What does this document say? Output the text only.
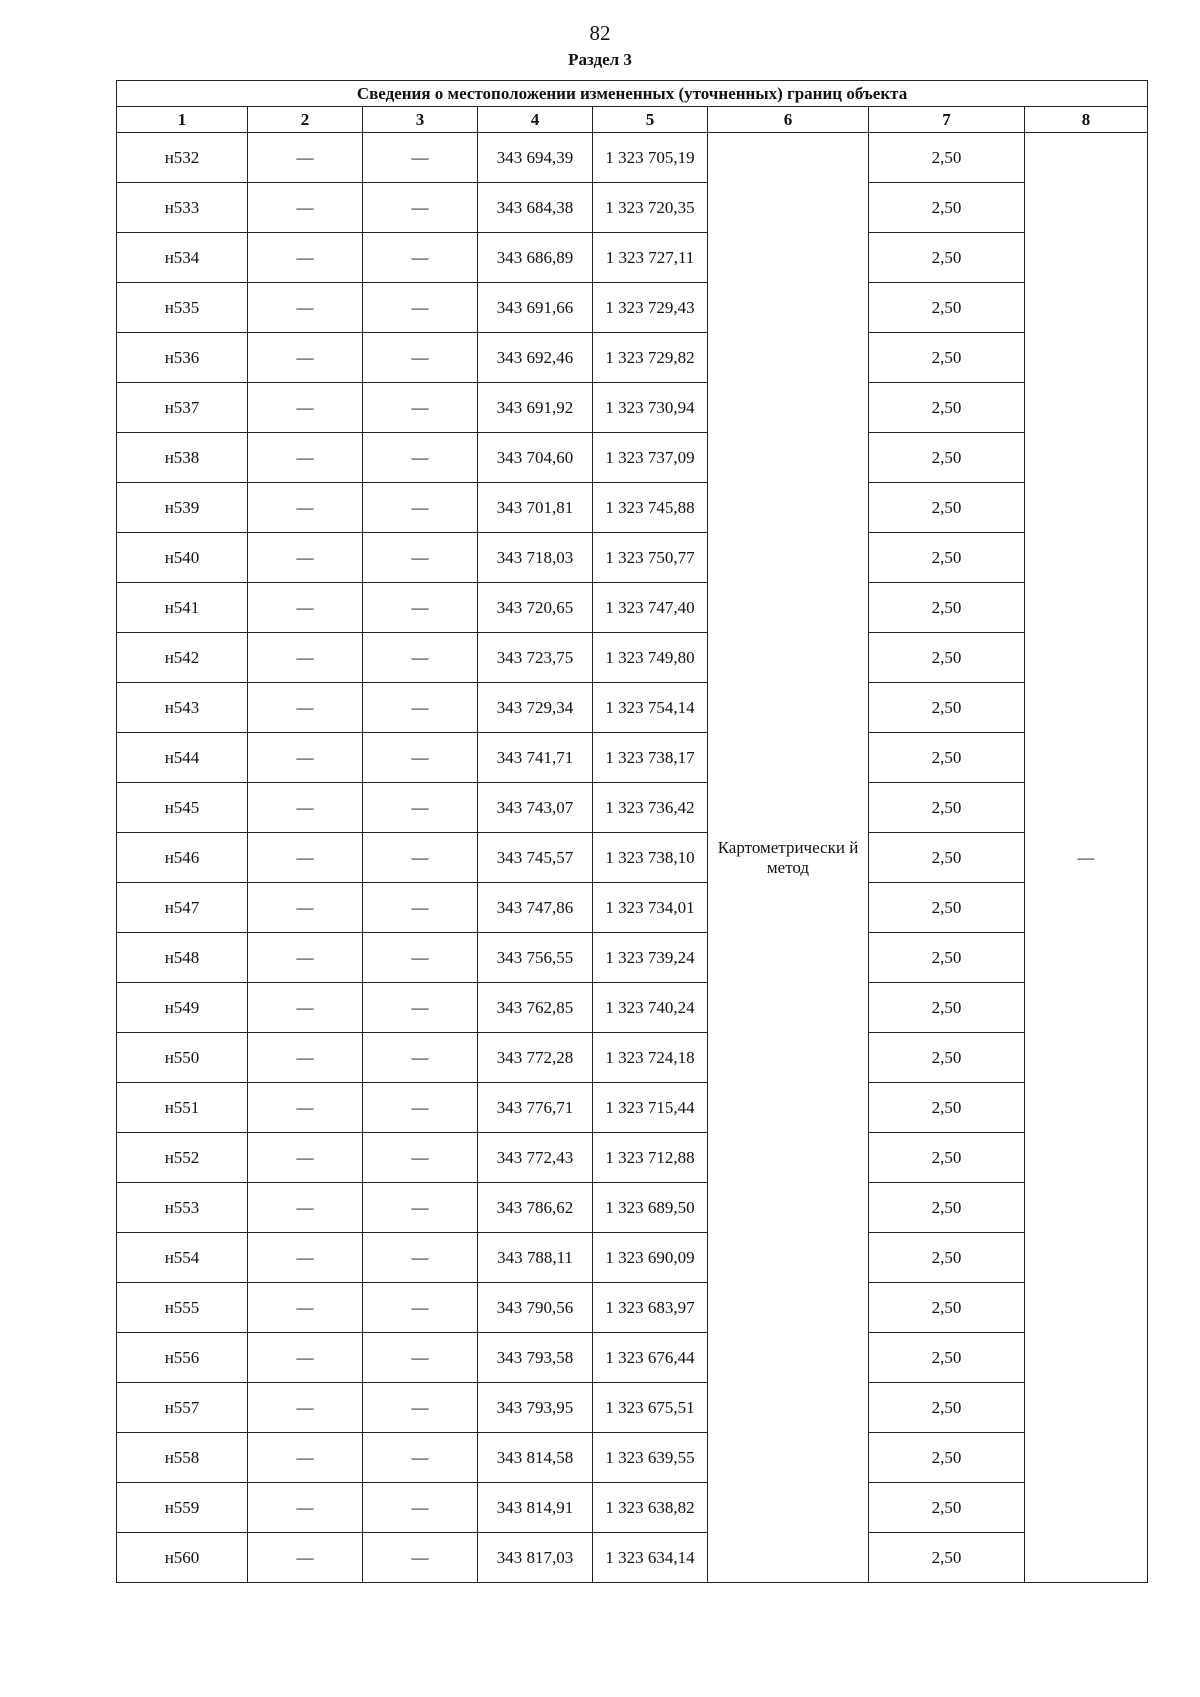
82
Раздел 3
Сведения о местоположении измененных (уточненных) границ объекта							
1	2	3	4	5	6	7	8
н532	—	—	343 694,39	1 323 705,19	Картометрически й метод	2,50	—
н533	—	—	343 684,38	1 323 720,35		2,50	
н534	—	—	343 686,89	1 323 727,11		2,50	
н535	—	—	343 691,66	1 323 729,43		2,50	
н536	—	—	343 692,46	1 323 729,82		2,50	
н537	—	—	343 691,92	1 323 730,94		2,50	
н538	—	—	343 704,60	1 323 737,09		2,50	
н539	—	—	343 701,81	1 323 745,88		2,50	
н540	—	—	343 718,03	1 323 750,77		2,50	
н541	—	—	343 720,65	1 323 747,40		2,50	
н542	—	—	343 723,75	1 323 749,80		2,50	
н543	—	—	343 729,34	1 323 754,14		2,50	
н544	—	—	343 741,71	1 323 738,17		2,50	
н545	—	—	343 743,07	1 323 736,42		2,50	
н546	—	—	343 745,57	1 323 738,10		2,50	
н547	—	—	343 747,86	1 323 734,01		2,50	
н548	—	—	343 756,55	1 323 739,24		2,50	
н549	—	—	343 762,85	1 323 740,24		2,50	
н550	—	—	343 772,28	1 323 724,18		2,50	
н551	—	—	343 776,71	1 323 715,44		2,50	
н552	—	—	343 772,43	1 323 712,88		2,50	
н553	—	—	343 786,62	1 323 689,50		2,50	
н554	—	—	343 788,11	1 323 690,09		2,50	
н555	—	—	343 790,56	1 323 683,97		2,50	
н556	—	—	343 793,58	1 323 676,44		2,50	
н557	—	—	343 793,95	1 323 675,51		2,50	
н558	—	—	343 814,58	1 323 639,55		2,50	
н559	—	—	343 814,91	1 323 638,82		2,50	
н560	—	—	343 817,03	1 323 634,14		2,50	
